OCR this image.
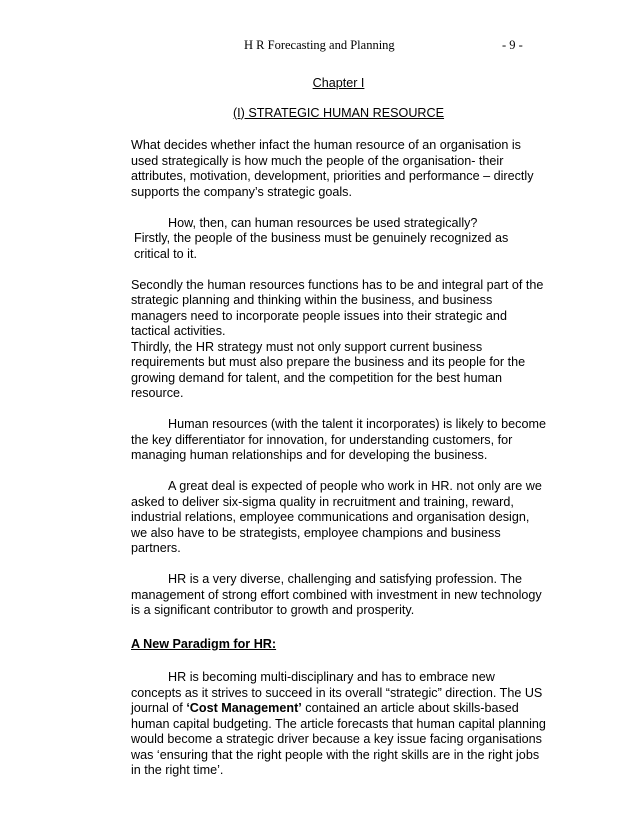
H R Forecasting and Planning	- 9 -

Chapter I

(I) STRATEGIC HUMAN RESOURCE

What decides whether infact the human resource of an organisation is used strategically is how much the people of the organisation- their attributes, motivation, development, priorities and performance – directly supports the company’s strategic goals.

How, then, can human resources be used strategically?

Firstly, the people of the business must be genuinely recognized as critical to it.

Secondly the human resources functions has to be and integral part of the strategic planning and thinking within the business, and business managers need to incorporate people issues into their strategic and tactical activities.

Thirdly, the HR strategy must not only support current business requirements but must also prepare the business and its people for the growing demand for talent, and the competition for the best human resource.

Human resources (with the talent it incorporates) is likely to become the key differentiator for innovation, for understanding customers, for managing human relationships and for developing the business.

A great deal is expected of people who work in HR. not only are we asked to deliver six-sigma quality in recruitment and training, reward, industrial relations, employee communications and organisation design, we also have to be strategists, employee champions and business partners.

HR is a very diverse, challenging and satisfying profession. The management of strong effort combined with investment in new technology is a significant contributor to growth and prosperity.

A New Paradigm for HR:

HR is becoming multi-disciplinary and has to embrace new concepts as it strives to succeed in its overall “strategic” direction. The US journal of ‘Cost Management’ contained an article about skills-based human capital budgeting. The article forecasts that human capital planning would become a strategic driver because a key issue facing organisations was ‘ensuring that the right people with the right skills are in the right jobs in the right time’.
